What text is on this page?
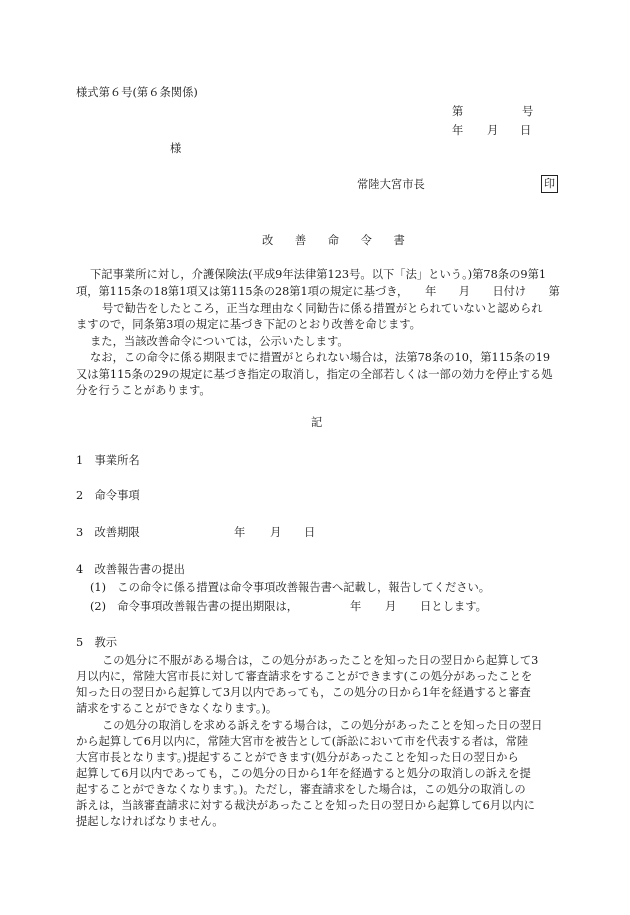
様式第６号(第６条関係)
第	号
年 月 日
様
常陸大宮市長	印
改 善 命 令 書
下記事業所に対し，介護保険法(平成9年法律第123号。以下「法」という。)第78条の9第1
項，第115条の18第1項又は第115条の28第1項の規定に基づき，　　年　　月　　日付け　　第
号で勧告をしたところ，正当な理由なく同勧告に係る措置がとられていないと認められ
ますので，同条第3項の規定に基づき下記のとおり改善を命じます。
また，当該改善命令については，公示いたします。
なお，この命令に係る期限までに措置がとられない場合は，法第78条の10，第115条の19
又は第115条の29の規定に基づき指定の取消し，指定の全部若しくは一部の効力を停止する処
分を行うことがあります。
記
1　事業所名
2　命令事項
3　改善期限	年 月 日
4　改善報告書の提出
(1)　この命令に係る措置は命令事項改善報告書へ記載し，報告してください。
(2)　命令事項改善報告書の提出期限は，	年 月 日とします。
5　教示
この処分に不服がある場合は，この処分があったことを知った日の翌日から起算して3
月以内に，常陸大宮市長に対して審査請求をすることができます(この処分があったことを
知った日の翌日から起算して3月以内であっても，この処分の日から1年を経過すると審査
請求をすることができなくなります。)。
この処分の取消しを求める訴えをする場合は，この処分があったことを知った日の翌日
から起算して6月以内に，常陸大宮市を被告として(訴訟において市を代表する者は，常陸
大宮市長となります。)提起することができます(処分があったことを知った日の翌日から
起算して6月以内であっても，この処分の日から1年を経過すると処分の取消しの訴えを提
起することができなくなります。)。ただし，審査請求をした場合は，この処分の取消しの
訴えは，当該審査請求に対する裁決があったことを知った日の翌日から起算して6月以内に
提起しなければなりません。
